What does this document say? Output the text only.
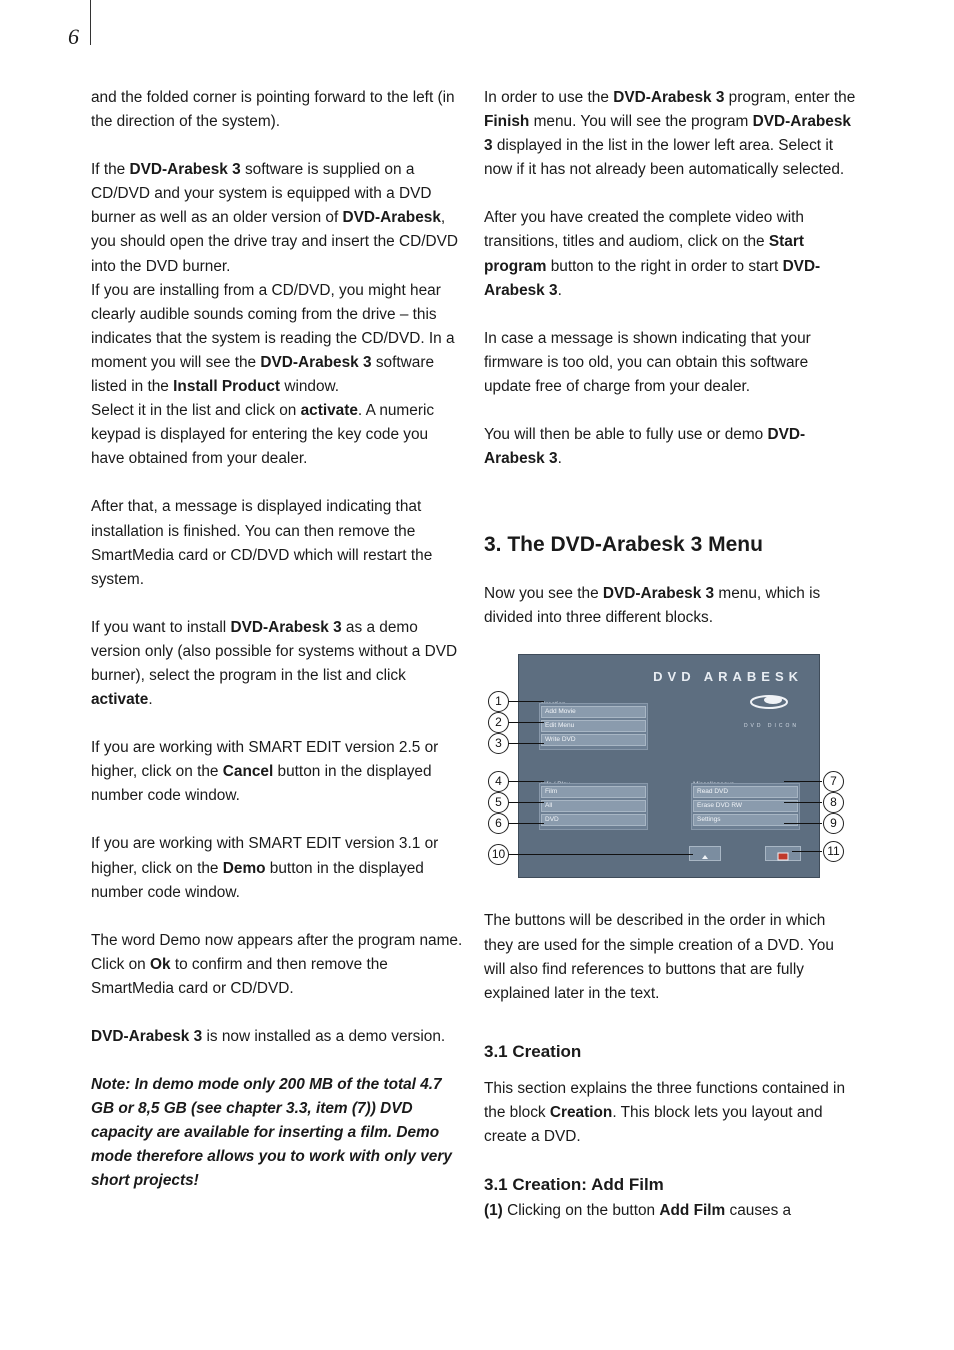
6

and the folded corner is pointing forward to the left (in the direction of the system).

If the DVD-Arabesk 3 software is supplied on a CD/DVD and your system is equipped with a DVD burner as well as an older version of DVD-Arabesk, you should open the drive tray and insert the CD/DVD into the DVD burner.

If you are installing from a CD/DVD, you might hear clearly audible sounds coming from the drive – this indicates that the system is reading the CD/DVD. In a moment you will see the DVD-Arabesk 3 software listed in the Install Product window.

Select it in the list and click on activate. A numeric keypad is displayed for entering the key code you have obtained from your dealer.

After that, a message is displayed indicating that installation is finished. You can then remove the SmartMedia card or CD/DVD which will restart the system.

If you want to install DVD-Arabesk 3 as a demo version only (also possible for systems without a DVD burner), select the program in the list and click activate.

If you are working with SMART EDIT version 2.5 or higher, click on the Cancel button in the displayed number code window.

If you are working with SMART EDIT version 3.1 or higher, click on the Demo button in the displayed number code window.

The word Demo now appears after the program name. Click on Ok to confirm and then remove the SmartMedia card or CD/DVD.

DVD-Arabesk 3 is now installed as a demo version.

Note: In demo mode only 200 MB of the total 4.7 GB or 8,5 GB (see chapter 3.3, item (7)) DVD capacity are available for inserting a film. Demo mode therefore allows you to work with only very short projects!

In order to use the DVD-Arabesk 3 program, enter the Finish menu. You will see the program DVD-Arabesk 3 displayed in the list in the lower left area. Select it now if it has not already been automatically selected.

After you have created the complete video with transitions, titles and audiom, click on the Start program button to the right in order to start DVD-Arabesk 3.

In case a message is shown indicating that your firmware is too old, you can obtain this software update free of charge from your dealer.

You will then be able to fully use or demo DVD-Arabesk 3.

3. The DVD-Arabesk 3 Menu

Now you see the DVD-Arabesk 3 menu, which is divided into three different blocks.

DVD ARABESK
DVD DICON
Add Movie
Edit Menu
Write DVD
Film
All
DVD
Read DVD
Erase DVD RW
Settings
1
2
3
4
5
6
10
7
8
9
11

The buttons will be described in the order in which they are used for the simple creation of a DVD. You will also find references to buttons that are fully explained later in the text.

3.1 Creation

This section explains the three functions contained in the block Creation. This block lets you layout and create a DVD.

3.1 Creation: Add Film

(1) Clicking on the button Add Film causes a
